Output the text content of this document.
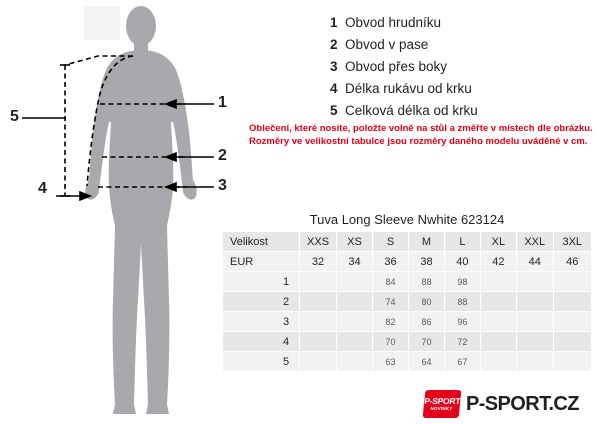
1
2
3
4
5
1 Obvod hrudníku
2 Obvod v pase
3 Obvod přes boky
4 Délka rukávu od krku
5 Celková délka od krku
Oblečení, které nosíte, položte volně na stůl a změřte v místech dle obrázku.
Rozměry ve velikostní tabulce jsou rozměry daného modelu uváděné v cm.
Tuva Long Sleeve Nwhite 623124
Velikost	XXS	XS	S	M	L	XL	XXL	3XL
EUR	32	34	36	38	40	42	44	46
1			84	88	98			
2			74	80	88			
3			82	86	96			
4			70	70	72			
5			63	64	67			
P-SPORT
NOVINKY P-SPORT.CZ
